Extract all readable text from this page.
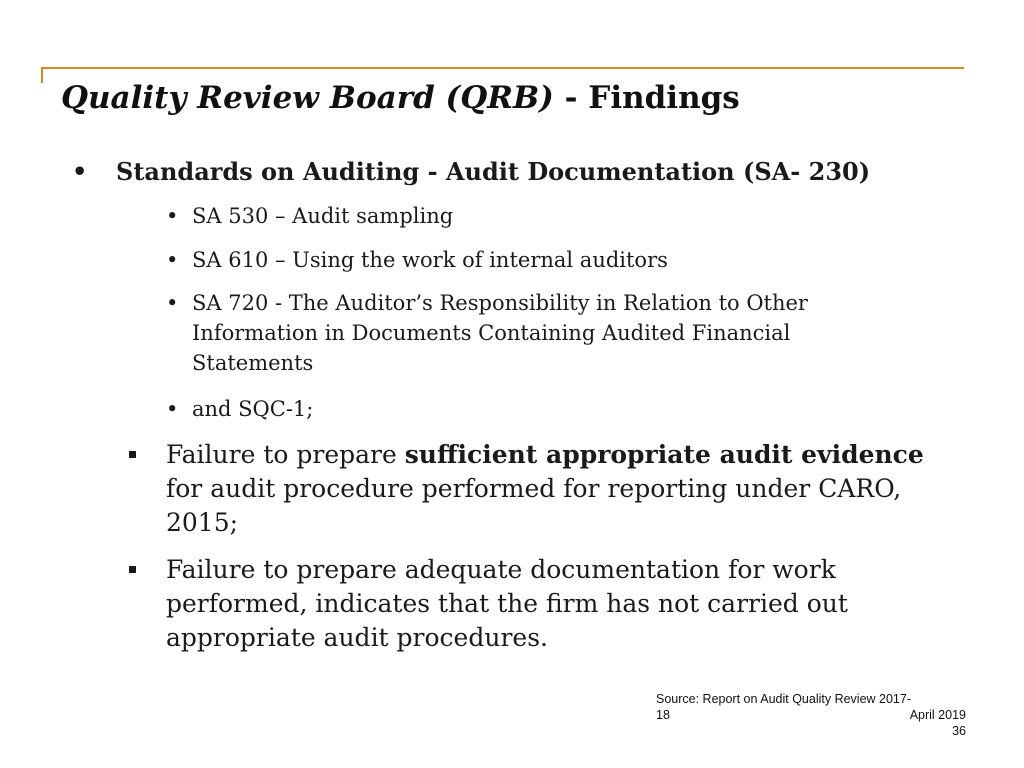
Quality Review Board (QRB) - Findings
• Standards on Auditing - Audit Documentation (SA- 230)
• SA 530 – Audit sampling
• SA 610 – Using the work of internal auditors
• SA 720 - The Auditor’s Responsibility in Relation to Other Information in Documents Containing Audited Financial Statements
• and SQC-1;
Failure to prepare sufficient appropriate audit evidence for audit procedure performed for reporting under CARO, 2015;
Failure to prepare adequate documentation for work performed, indicates that the firm has not carried out appropriate audit procedures.
Source: Report on Audit Quality Review 2017-
18	April 2019
36
